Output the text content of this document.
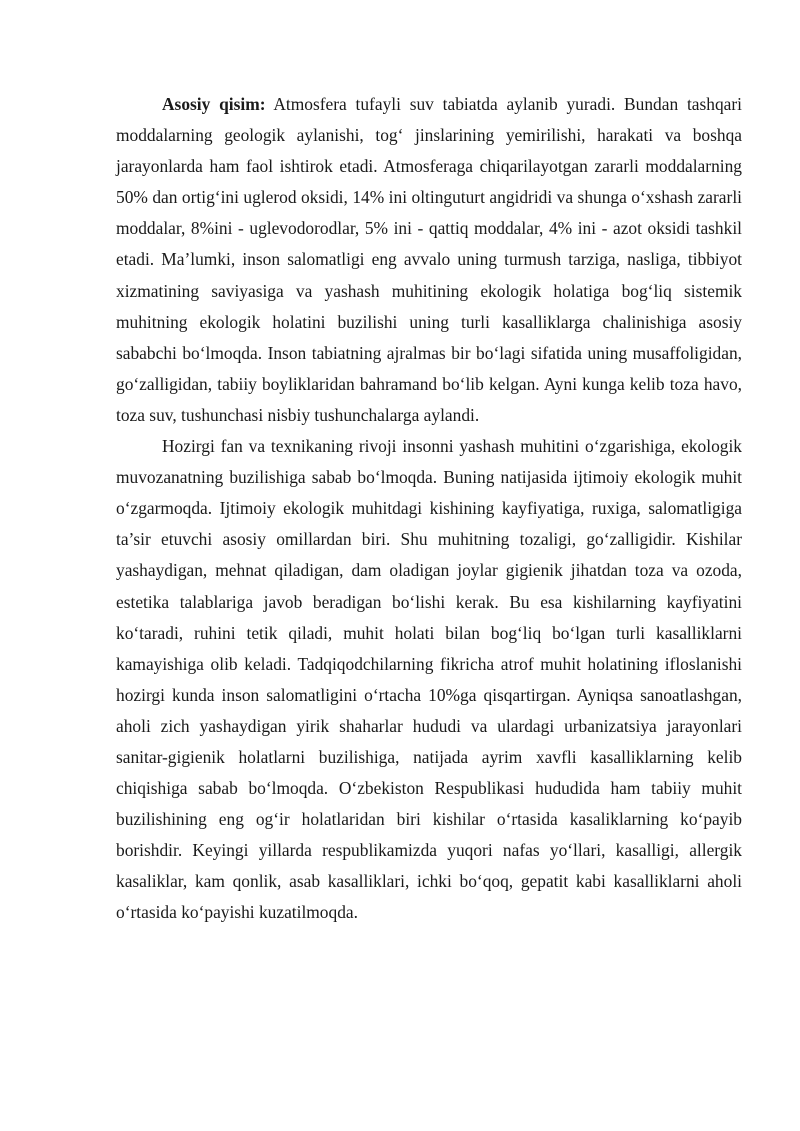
Asosiy qisim: Atmosfera tufayli suv tabiatda aylanib yuradi. Bundan tashqari moddalarning geologik aylanishi, tog‘ jinslarining yemirilishi, harakati va boshqa jarayonlarda ham faol ishtirok etadi. Atmosferaga chiqarilayotgan zararli moddalarning 50% dan ortig‘ini uglerod oksidi, 14% ini oltinguturt angidridi va shunga o‘xshash zararli moddalar, 8%ini - uglevodorodlar, 5% ini - qattiq moddalar, 4% ini - azot oksidi tashkil etadi. Ma’lumki, inson salomatligi eng avvalo uning turmush tarziga, nasliga, tibbiyot xizmatining saviyasiga va yashash muhitining ekologik holatiga bog‘liq sistemik muhitning ekologik holatini buzilishi uning turli kasalliklarga chalinishiga asosiy sababchi bo‘lmoqda. Inson tabiatning ajralmas bir bo‘lagi sifatida uning musaffoligidan, go‘zalligidan, tabiiy boyliklaridan bahramand bo‘lib kelgan. Ayni kunga kelib toza havo, toza suv, tushunchasi nisbiy tushunchalarga aylandi.

Hozirgi fan va texnikaning rivoji insonni yashash muhitini o‘zgarishiga, ekologik muvozanatning buzilishiga sabab bo‘lmoqda. Buning natijasida ijtimoiy ekologik muhit o‘zgarmoqda. Ijtimoiy ekologik muhitdagi kishining kayfiyatiga, ruxiga, salomatligiga ta’sir etuvchi asosiy omillardan biri. Shu muhitning tozaligi, go‘zalligidir. Kishilar yashaydigan, mehnat qiladigan, dam oladigan joylar gigienik jihatdan toza va ozoda, estetika talablariga javob beradigan bo‘lishi kerak. Bu esa kishilarning kayfiyatini ko‘taradi, ruhini tetik qiladi, muhit holati bilan bog‘liq bo‘lgan turli kasalliklarni kamayishiga olib keladi. Tadqiqodchilarning fikricha atrof muhit holatining ifloslanishi hozirgi kunda inson salomatligini o‘rtacha 10%ga qisqartirgan. Ayniqsa sanoatlashgan, aholi zich yashaydigan yirik shaharlar hududi va ulardagi urbanizatsiya jarayonlari sanitar-gigienik holatlarni buzilishiga, natijada ayrim xavfli kasalliklarning kelib chiqishiga sabab bo‘lmoqda. O‘zbekiston Respublikasi hududida ham tabiiy muhit buzilishining eng og‘ir holatlaridan biri kishilar o‘rtasida kasaliklarning ko‘payib borishdir. Keyingi yillarda respublikamizda yuqori nafas yo‘llari, kasalligi, allergik kasaliklar, kam qonlik, asab kasalliklari, ichki bo‘qoq, gepatit kabi kasalliklarni aholi o‘rtasida ko‘payishi kuzatilmoqda.
